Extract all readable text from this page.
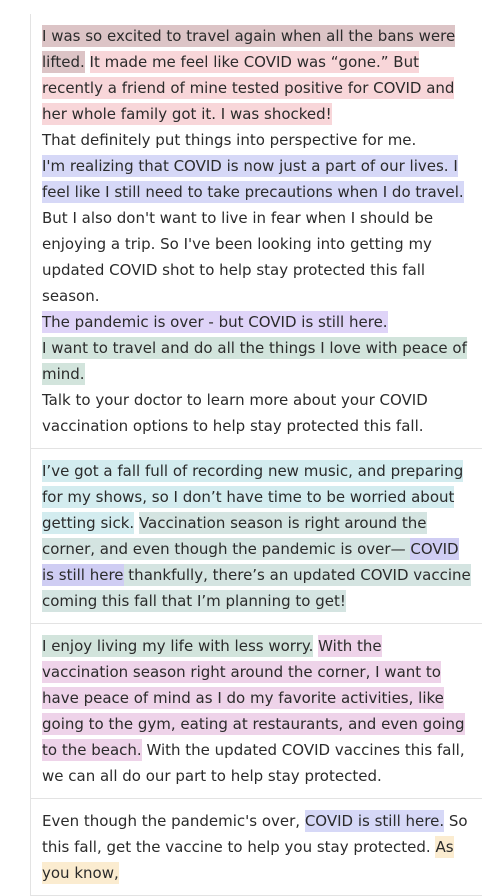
I was so excited to travel again when all the bans were lifted. It made me feel like COVID was “gone.” But recently a friend of mine tested positive for COVID and her whole family got it. I was shocked!

That definitely put things into perspective for me.

I'm realizing that COVID is now just a part of our lives. I feel like I still need to take precautions when I do travel. But I also don't want to live in fear when I should be enjoying a trip. So I've been looking into getting my updated COVID shot to help stay protected this fall season.

The pandemic is over - but COVID is still here.

I want to travel and do all the things I love with peace of mind.

Talk to your doctor to learn more about your COVID vaccination options to help stay protected this fall.

I’ve got a fall full of recording new music, and preparing for my shows, so I don’t have time to be worried about getting sick. Vaccination season is right around the corner, and even though the pandemic is over— COVID is still here thankfully, there’s an updated COVID vaccine coming this fall that I’m planning to get!

I enjoy living my life with less worry. With the vaccination season right around the corner, I want to have peace of mind as I do my favorite activities, like going to the gym, eating at restaurants, and even going to the beach. With the updated COVID vaccines this fall, we can all do our part to help stay protected.

Even though the pandemic's over, COVID is still here. So this fall, get the vaccine to help you stay protected. As you know,
